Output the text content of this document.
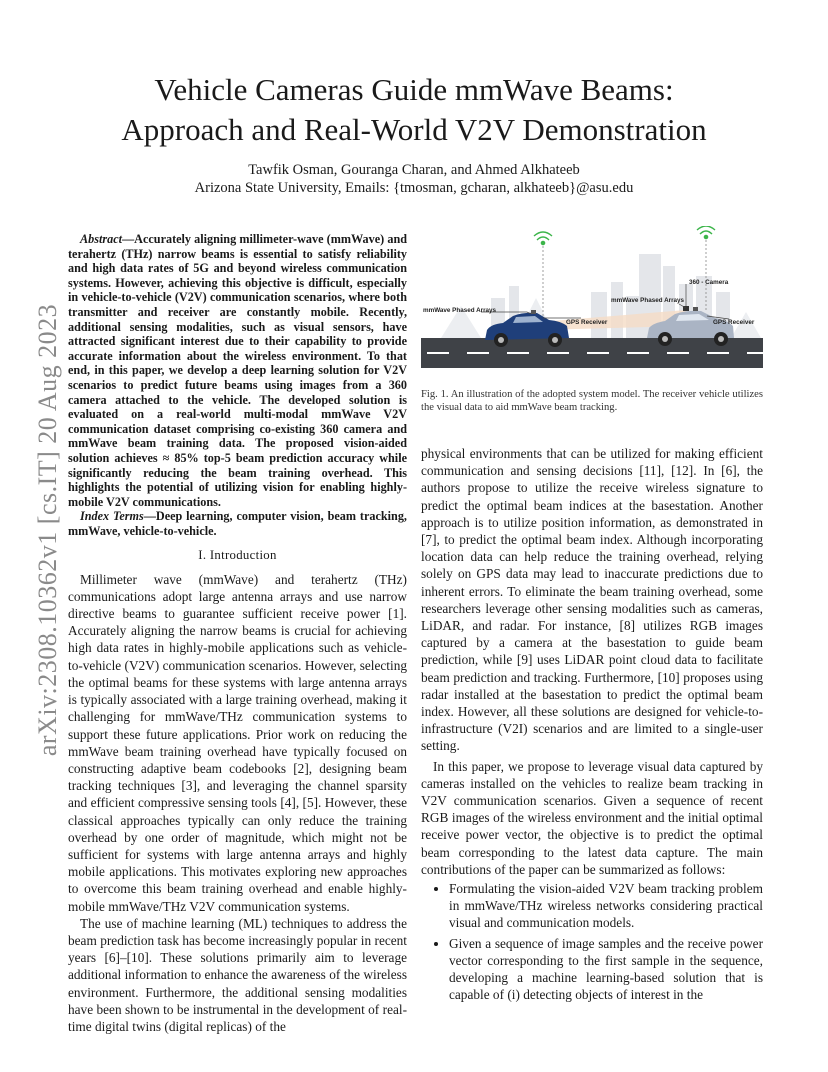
arXiv:2308.10362v1 [cs.IT] 20 Aug 2023
Vehicle Cameras Guide mmWave Beams:
Approach and Real-World V2V Demonstration
Tawfik Osman, Gouranga Charan, and Ahmed Alkhateeb
Arizona State University, Emails: {tmosman, gcharan, alkhateeb}@asu.edu

Abstract—Accurately aligning millimeter-wave (mmWave) and terahertz (THz) narrow beams is essential to satisfy reliability and high data rates of 5G and beyond wireless communication systems. However, achieving this objective is difficult, especially in vehicle-to-vehicle (V2V) communication scenarios, where both transmitter and receiver are constantly mobile. Recently, additional sensing modalities, such as visual sensors, have attracted significant interest due to their capability to provide accurate information about the wireless environment. To that end, in this paper, we develop a deep learning solution for V2V scenarios to predict future beams using images from a 360 camera attached to the vehicle. The developed solution is evaluated on a real-world multi-modal mmWave V2V communication dataset comprising co-existing 360 camera and mmWave beam training data. The proposed vision-aided solution achieves ≈ 85% top-5 beam prediction accuracy while significantly reducing the beam training overhead. This highlights the potential of utilizing vision for enabling highly-mobile V2V communications.

Index Terms—Deep learning, computer vision, beam tracking, mmWave, vehicle-to-vehicle.

I. Introduction

Millimeter wave (mmWave) and terahertz (THz) communications adopt large antenna arrays and use narrow directive beams to guarantee sufficient receive power [1]. Accurately aligning the narrow beams is crucial for achieving high data rates in highly-mobile applications such as vehicle-to-vehicle (V2V) communication scenarios. However, selecting the optimal beams for these systems with large antenna arrays is typically associated with a large training overhead, making it challenging for mmWave/THz communication systems to support these future applications. Prior work on reducing the mmWave beam training overhead have typically focused on constructing adaptive beam codebooks [2], designing beam tracking techniques [3], and leveraging the channel sparsity and efficient compressive sensing tools [4], [5]. However, these classical approaches typically can only reduce the training overhead by one order of magnitude, which might not be sufficient for systems with large antenna arrays and highly mobile applications. This motivates exploring new approaches to overcome this beam training overhead and enable highly-mobile mmWave/THz V2V communication systems.

The use of machine learning (ML) techniques to address the beam prediction task has become increasingly popular in recent years [6]–[10]. These solutions primarily aim to leverage additional information to enhance the awareness of the wireless environment. Furthermore, the additional sensing modalities have been shown to be instrumental in the development of real-time digital twins (digital replicas) of the

mmWave Phased Arrays
GPS Receiver
360 - Camera
mmWave Phased Arrays
GPS Receiver
Fig. 1. An illustration of the adopted system model. The receiver vehicle utilizes the visual data to aid mmWave beam tracking.

physical environments that can be utilized for making efficient communication and sensing decisions [11], [12]. In [6], the authors propose to utilize the receive wireless signature to predict the optimal beam indices at the basestation. Another approach is to utilize position information, as demonstrated in [7], to predict the optimal beam index. Although incorporating location data can help reduce the training overhead, relying solely on GPS data may lead to inaccurate predictions due to inherent errors. To eliminate the beam training overhead, some researchers leverage other sensing modalities such as cameras, LiDAR, and radar. For instance, [8] utilizes RGB images captured by a camera at the basestation to guide beam prediction, while [9] uses LiDAR point cloud data to facilitate beam prediction and tracking. Furthermore, [10] proposes using radar installed at the basestation to predict the optimal beam index. However, all these solutions are designed for vehicle-to-infrastructure (V2I) scenarios and are limited to a single-user setting.

In this paper, we propose to leverage visual data captured by cameras installed on the vehicles to realize beam tracking in V2V communication scenarios. Given a sequence of recent RGB images of the wireless environment and the initial optimal receive power vector, the objective is to predict the optimal beam corresponding to the latest data capture. The main contributions of the paper can be summarized as follows:

• Formulating the vision-aided V2V beam tracking problem in mmWave/THz wireless networks considering practical visual and communication models.
• Given a sequence of image samples and the receive power vector corresponding to the first sample in the sequence, developing a machine learning-based solution that is capable of (i) detecting objects of interest in the
